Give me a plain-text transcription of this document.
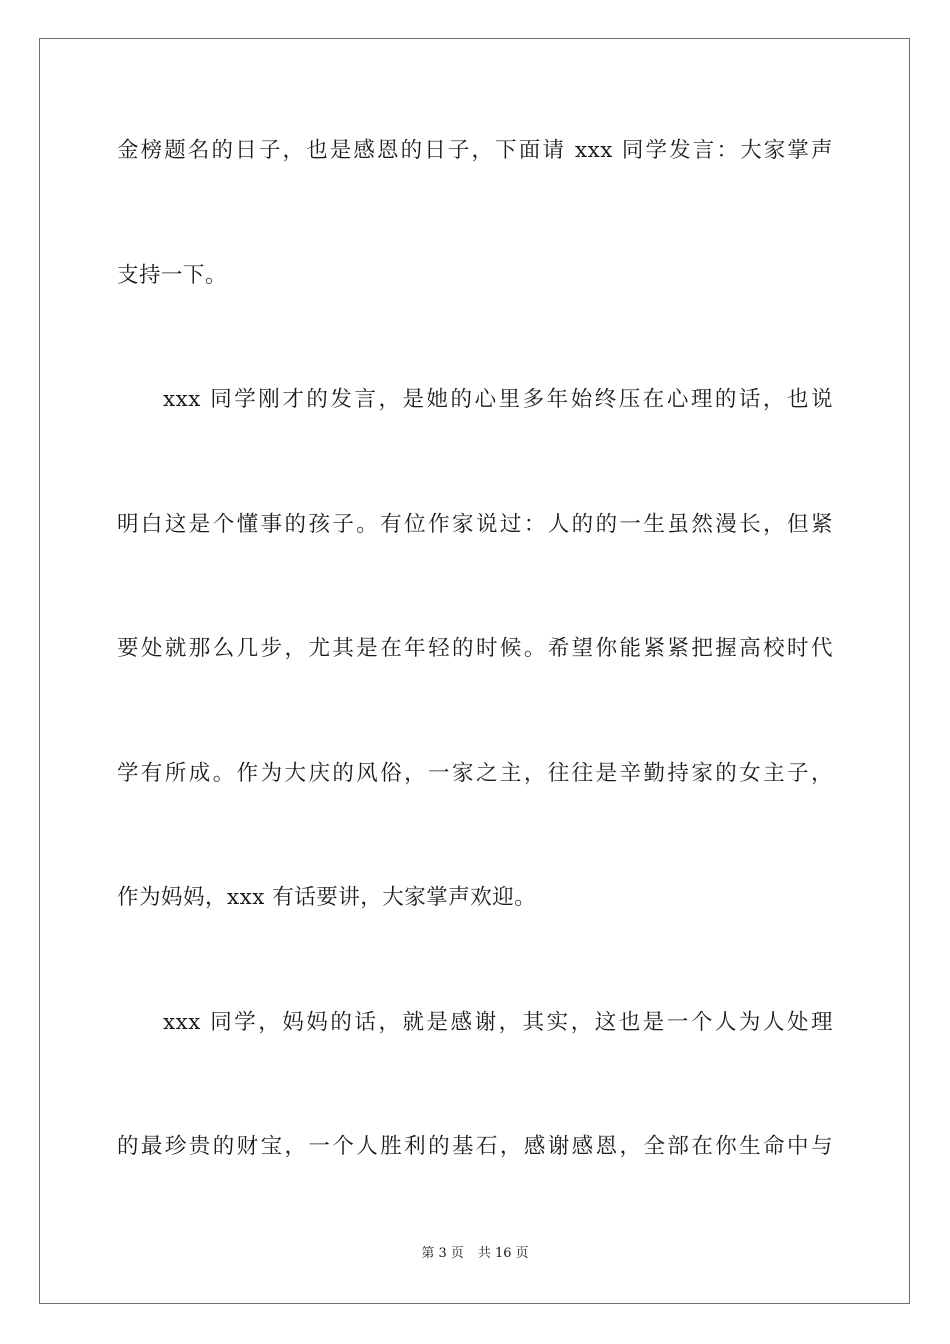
金榜题名的日子，也是感恩的日子，下面请 xxx 同学发言：大家掌声
支持一下。
xxx 同学刚才的发言，是她的心里多年始终压在心理的话，也说
明白这是个懂事的孩子。有位作家说过：人的的一生虽然漫长，但紧
要处就那么几步，尤其是在年轻的时候。希望你能紧紧把握高校时代
学有所成。作为大庆的风俗，一家之主，往往是辛勤持家的女主子，
作为妈妈，xxx 有话要讲，大家掌声欢迎。
xxx 同学，妈妈的话，就是感谢，其实，这也是一个人为人处理
的最珍贵的财宝，一个人胜利的基石，感谢感恩，全部在你生命中与
第 3 页 共 16 页
